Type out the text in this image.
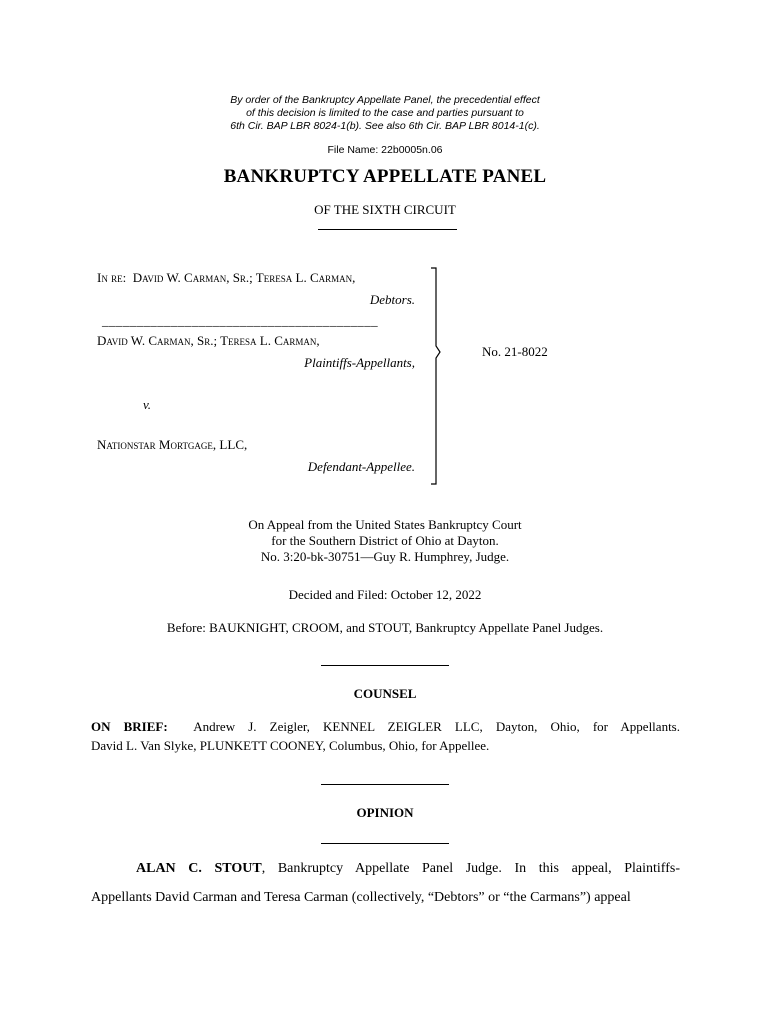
By order of the Bankruptcy Appellate Panel, the precedential effect
of this decision is limited to the case and parties pursuant to
6th Cir. BAP LBR 8024-1(b). See also 6th Cir. BAP LBR 8014-1(c).
File Name: 22b0005n.06
BANKRUPTCY APPELLATE PANEL
OF THE SIXTH CIRCUIT
In re: David W. Carman, Sr.; Teresa L. Carman,
Debtors.
________________________________________
David W. Carman, Sr.; Teresa L. Carman,
Plaintiffs-Appellants,
v.
Nationstar Mortgage, LLC,
Defendant-Appellee.
No. 21-8022
On Appeal from the United States Bankruptcy Court
for the Southern District of Ohio at Dayton.
No. 3:20-bk-30751—Guy R. Humphrey, Judge.
Decided and Filed: October 12, 2022
Before: BAUKNIGHT, CROOM, and STOUT, Bankruptcy Appellate Panel Judges.
COUNSEL
ON BRIEF: Andrew J. Zeigler, KENNEL ZEIGLER LLC, Dayton, Ohio, for Appellants.
David L. Van Slyke, PLUNKETT COONEY, Columbus, Ohio, for Appellee.
OPINION
ALAN C. STOUT, Bankruptcy Appellate Panel Judge. In this appeal, Plaintiffs-
Appellants David Carman and Teresa Carman (collectively, “Debtors” or “the Carmans”) appeal
